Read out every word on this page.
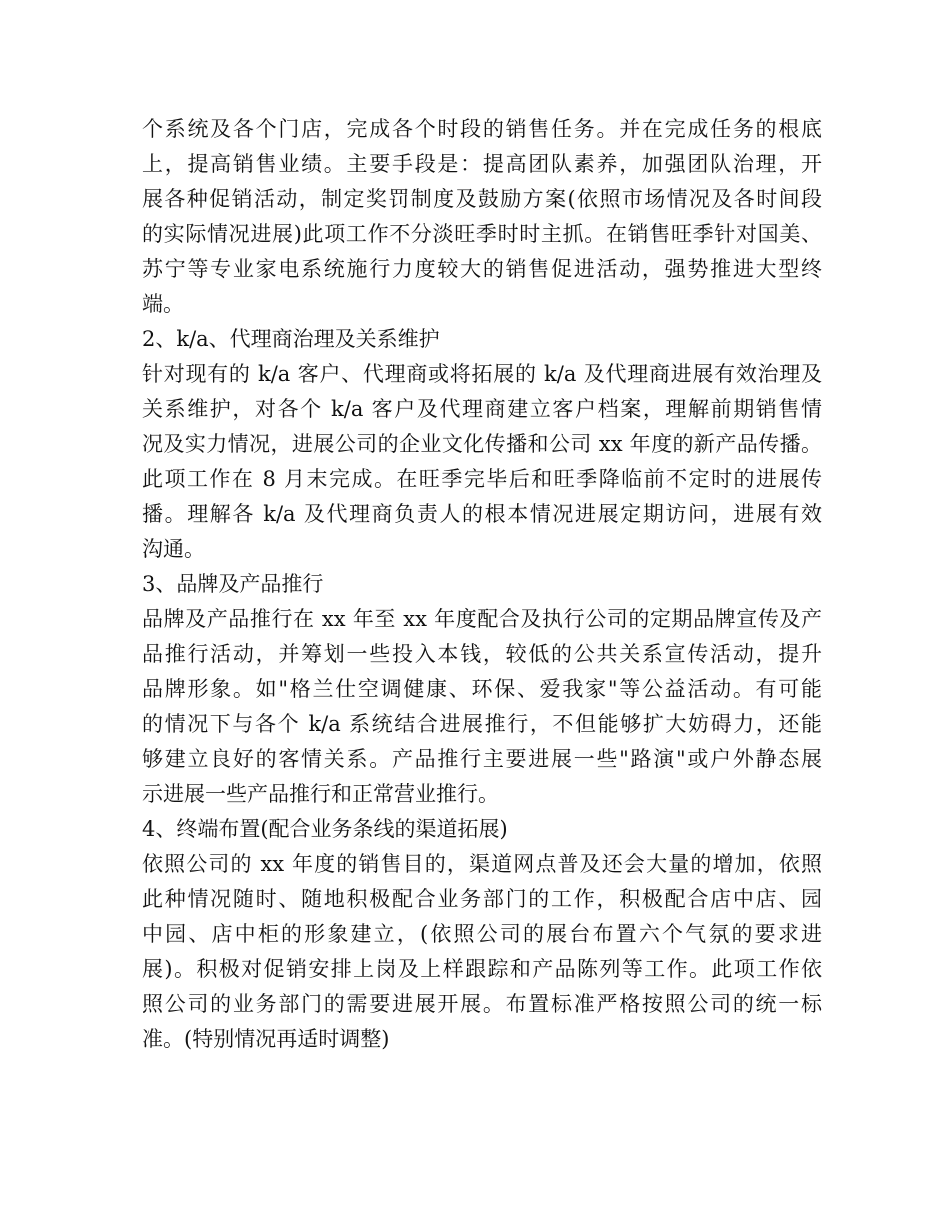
个系统及各个门店，完成各个时段的销售任务。并在完成任务的根底
上，提高销售业绩。主要手段是：提高团队素养，加强团队治理，开
展各种促销活动，制定奖罚制度及鼓励方案(依照市场情况及各时间段
的实际情况进展)此项工作不分淡旺季时时主抓。在销售旺季针对国美、
苏宁等专业家电系统施行力度较大的销售促进活动，强势推进大型终
端。
2、k/a、代理商治理及关系维护
针对现有的 k/a 客户、代理商或将拓展的 k/a 及代理商进展有效治理及
关系维护，对各个 k/a 客户及代理商建立客户档案，理解前期销售情
况及实力情况，进展公司的企业文化传播和公司 xx 年度的新产品传播。
此项工作在 8 月末完成。在旺季完毕后和旺季降临前不定时的进展传
播。理解各 k/a 及代理商负责人的根本情况进展定期访问，进展有效
沟通。
3、品牌及产品推行
品牌及产品推行在 xx 年至 xx 年度配合及执行公司的定期品牌宣传及产
品推行活动，并筹划一些投入本钱，较低的公共关系宣传活动，提升
品牌形象。如"格兰仕空调健康、环保、爱我家"等公益活动。有可能
的情况下与各个 k/a 系统结合进展推行，不但能够扩大妨碍力，还能
够建立良好的客情关系。产品推行主要进展一些"路演"或户外静态展
示进展一些产品推行和正常营业推行。
4、终端布置(配合业务条线的渠道拓展)
依照公司的 xx 年度的销售目的，渠道网点普及还会大量的增加，依照
此种情况随时、随地积极配合业务部门的工作，积极配合店中店、园
中园、店中柜的形象建立，(依照公司的展台布置六个气氛的要求进
展)。积极对促销安排上岗及上样跟踪和产品陈列等工作。此项工作依
照公司的业务部门的需要进展开展。布置标准严格按照公司的统一标
准。(特别情况再适时调整)
